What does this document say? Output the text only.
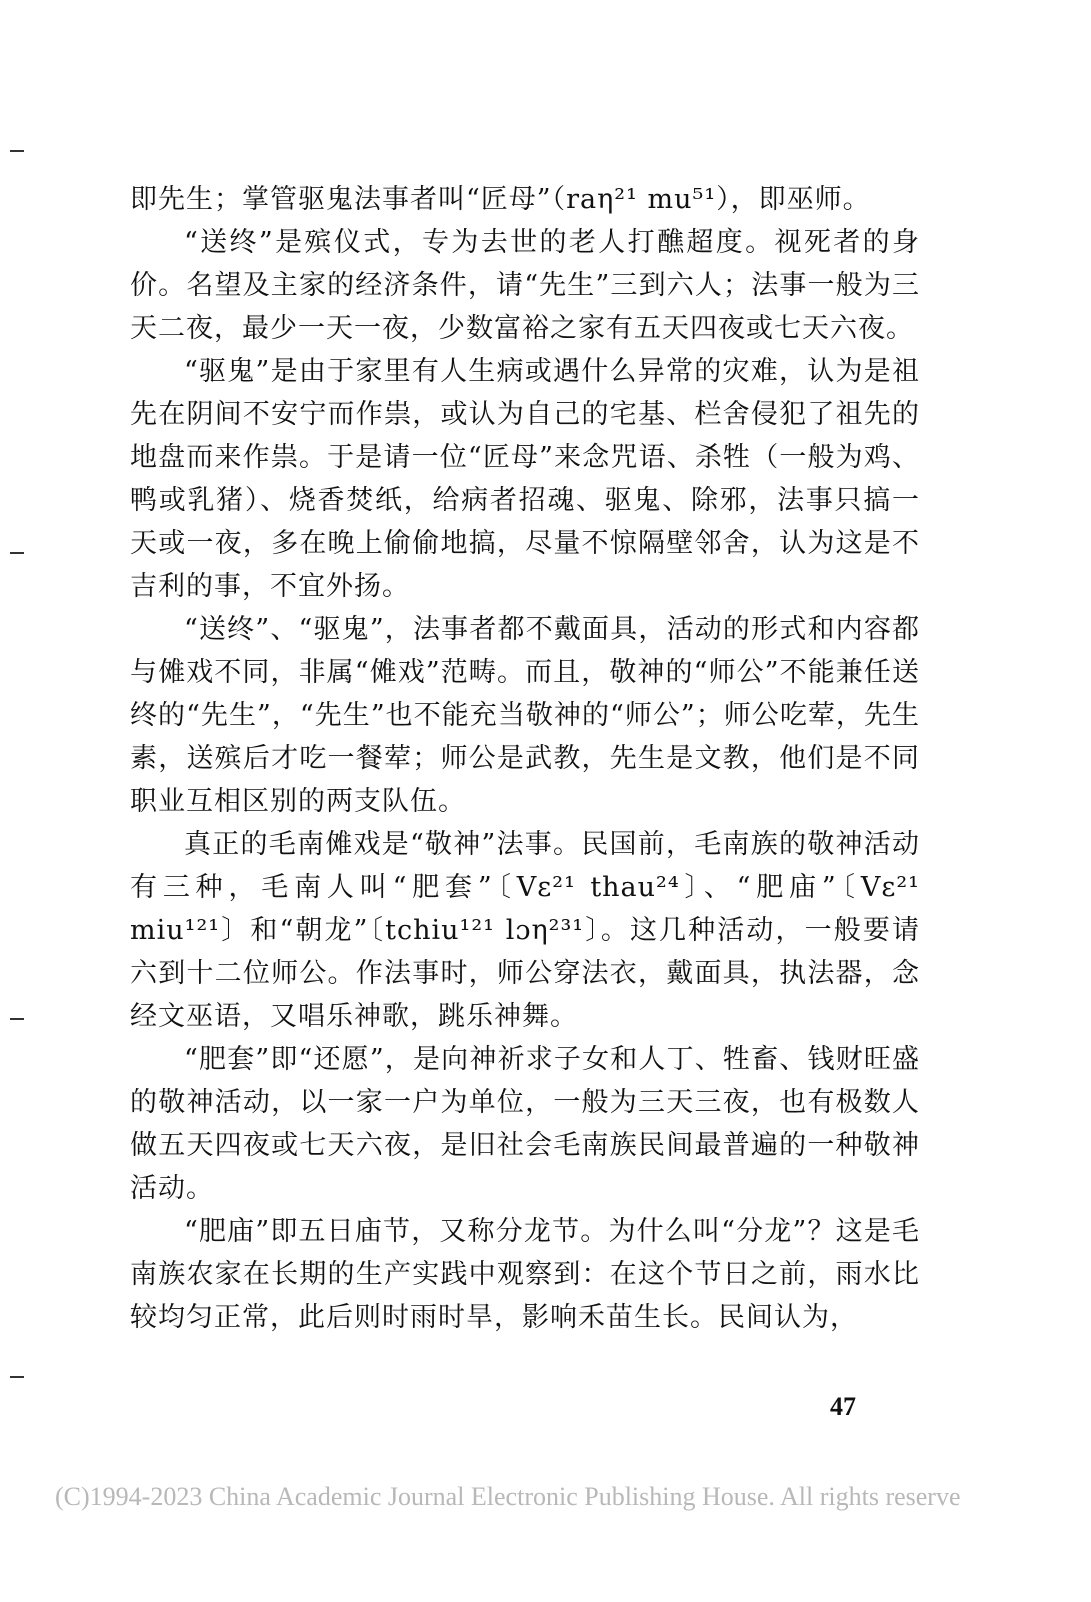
即先生；掌管驱鬼法事者叫“匠母”（raη²¹ mu⁵¹），即巫师。

“送终”是殡仪式，专为去世的老人打醮超度。视死者的身价。名望及主家的经济条件，请“先生”三到六人；法事一般为三天二夜，最少一天一夜，少数富裕之家有五天四夜或七天六夜。

“驱鬼”是由于家里有人生病或遇什么异常的灾难，认为是祖先在阴间不安宁而作祟，或认为自己的宅基、栏舍侵犯了祖先的地盘而来作祟。于是请一位“匠母”来念咒语、杀牲（一般为鸡、鸭或乳猪）、烧香焚纸，给病者招魂、驱鬼、除邪，法事只搞一天或一夜，多在晚上偷偷地搞，尽量不惊隔壁邻舍，认为这是不吉利的事，不宜外扬。

“送终”、“驱鬼”，法事者都不戴面具，活动的形式和内容都与傩戏不同，非属“傩戏”范畴。而且，敬神的“师公”不能兼任送终的“先生”，“先生”也不能充当敬神的“师公”；师公吃荤，先生素，送殡后才吃一餐荤；师公是武教，先生是文教，他们是不同职业互相区别的两支队伍。

真正的毛南傩戏是“敬神”法事。民国前，毛南族的敬神活动有三种，毛南人叫“肥套”〔Vε²¹ thau²⁴〕、“肥庙”〔Vε²¹ miu¹²¹〕和“朝龙”〔tchiu¹²¹ lɔη²³¹〕。这几种活动，一般要请六到十二位师公。作法事时，师公穿法衣，戴面具，执法器，念经文巫语，又唱乐神歌，跳乐神舞。

“肥套”即“还愿”，是向神祈求子女和人丁、牲畜、钱财旺盛的敬神活动，以一家一户为单位，一般为三天三夜，也有极数人做五天四夜或七天六夜，是旧社会毛南族民间最普遍的一种敬神活动。

“肥庙”即五日庙节，又称分龙节。为什么叫“分龙”？这是毛南族农家在长期的生产实践中观察到：在这个节日之前，雨水比较均匀正常，此后则时雨时旱，影响禾苗生长。民间认为，

47
(C)1994-2023 China Academic Journal Electronic Publishing House. All rights reserve
